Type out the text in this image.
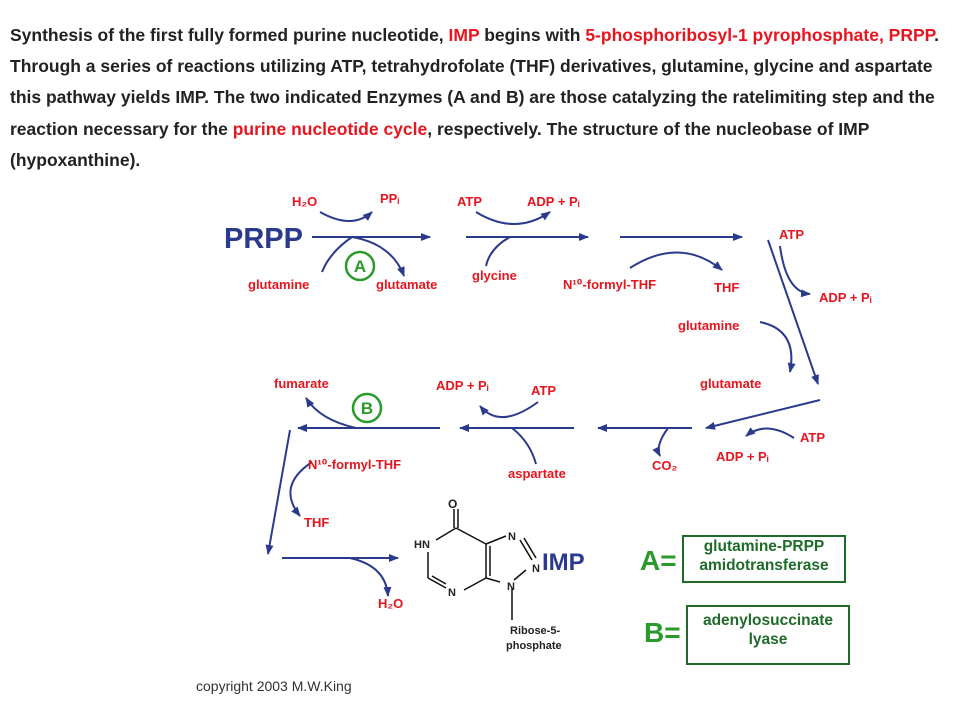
Synthesis of the first fully formed purine nucleotide, IMP begins with 5-phosphoribosyl-1 pyrophosphate, PRPP. Through a series of reactions utilizing ATP, tetrahydrofolate (THF) derivatives, glutamine, glycine and aspartate this pathway yields IMP. The two indicated Enzymes (A and B) are those catalyzing the ratelimiting step and the reaction necessary for the purine nucleotide cycle, respectively. The structure of the nucleobase of IMP (hypoxanthine).

A
B
PRPP
H₂O	PPᵢ
glutamine	glutamate
ATP	ADP + Pᵢ
glycine
N¹⁰-formyl-THF	THF
ATP
ADP + Pᵢ
glutamine
glutamate
ATP
ADP + Pᵢ
CO₂
ADP + Pᵢ	ATP
aspartate
fumarate
N¹⁰-formyl-THF
THF
H₂O
O
HN
N
N
N
N
Ribose-5-
phosphate
IMP A=	glutamine-PRPP
amidotransferase
B=	adenylosuccinate
lyase
copyright 2003 M.W.King
